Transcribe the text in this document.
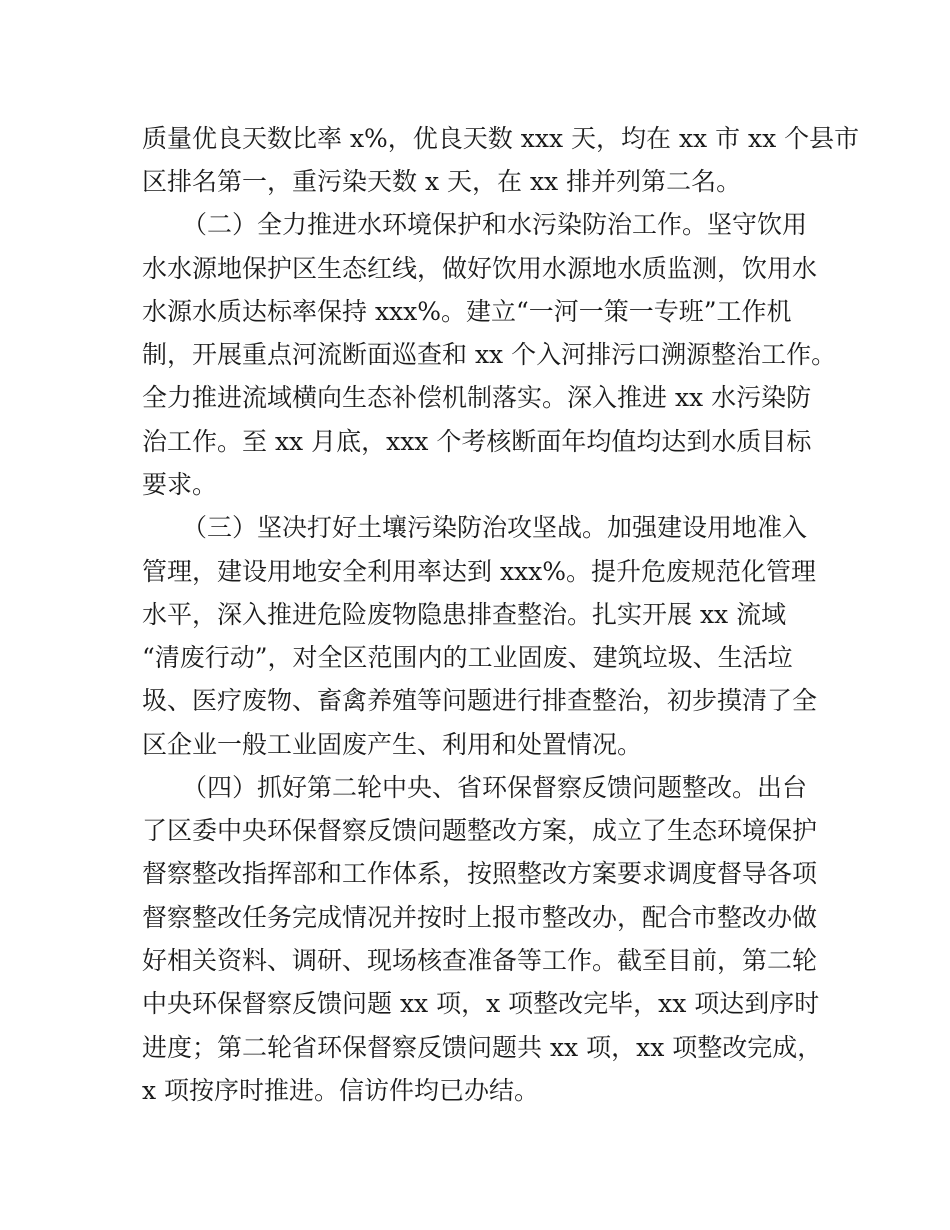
质量优良天数比率 x%，优良天数 xxx 天，均在 xx 市 xx 个县市
区排名第一，重污染天数 x 天，在 xx 排并列第二名。
（二）全力推进水环境保护和水污染防治工作。坚守饮用
水水源地保护区生态红线，做好饮用水源地水质监测，饮用水
水源水质达标率保持 xxx%。建立“一河一策一专班”工作机
制，开展重点河流断面巡查和 xx 个入河排污口溯源整治工作。
全力推进流域横向生态补偿机制落实。深入推进 xx 水污染防
治工作。至 xx 月底，xxx 个考核断面年均值均达到水质目标
要求。
（三）坚决打好土壤污染防治攻坚战。加强建设用地准入
管理，建设用地安全利用率达到 xxx%。提升危废规范化管理
水平，深入推进危险废物隐患排查整治。扎实开展 xx 流域
“清废行动”，对全区范围内的工业固废、建筑垃圾、生活垃
圾、医疗废物、畜禽养殖等问题进行排查整治，初步摸清了全
区企业一般工业固废产生、利用和处置情况。
（四）抓好第二轮中央、省环保督察反馈问题整改。出台
了区委中央环保督察反馈问题整改方案，成立了生态环境保护
督察整改指挥部和工作体系，按照整改方案要求调度督导各项
督察整改任务完成情况并按时上报市整改办，配合市整改办做
好相关资料、调研、现场核查准备等工作。截至目前，第二轮
中央环保督察反馈问题 xx 项，x 项整改完毕，xx 项达到序时
进度；第二轮省环保督察反馈问题共 xx 项，xx 项整改完成，
x 项按序时推进。信访件均已办结。
